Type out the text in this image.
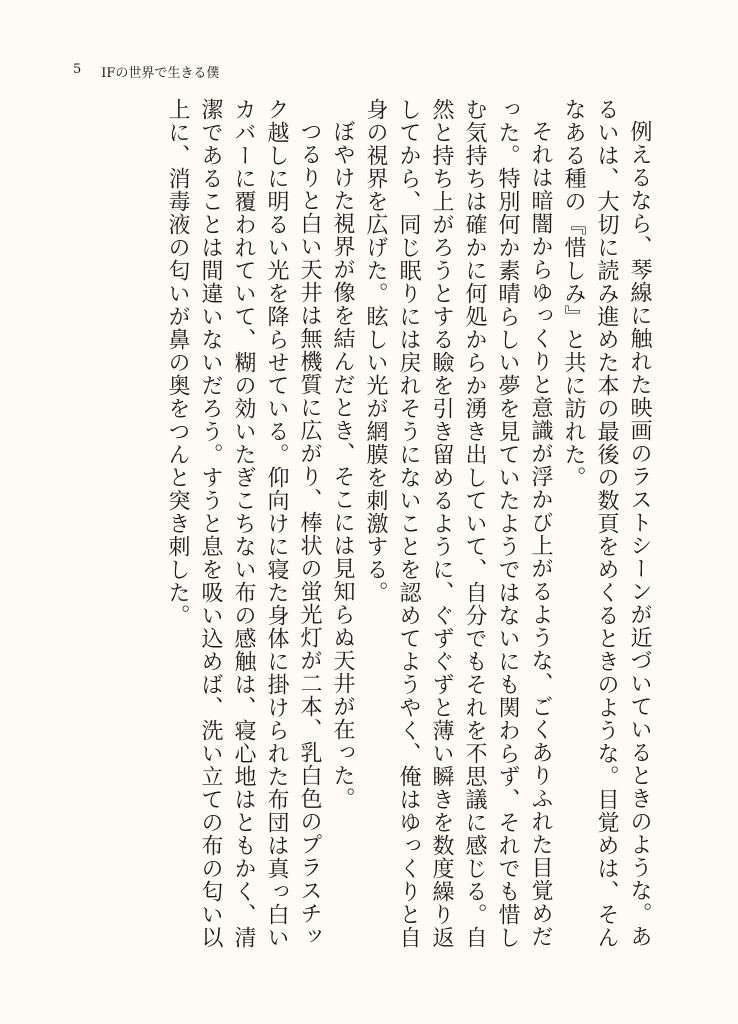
5 IFの世界で生きる僕

例えるなら、琴線に触れた映画のラストシーンが近づいているときのような。あるいは、大切に読み進めた本の最後の数頁をめくるときのような。目覚めは、そんなある種の『惜しみ』と共に訪れた。

それは暗闇からゆっくりと意識が浮かび上がるような、ごくありふれた目覚めだった。特別何か素晴らしい夢を見ていたようではないにも関わらず、それでも惜しむ気持ちは確かに何処からか湧き出していて、自分でもそれを不思議に感じる。自然と持ち上がろうとする瞼を引き留めるように、ぐずぐずと薄い瞬きを数度繰り返してから、同じ眠りには戻れそうにないことを認めてようやく、俺はゆっくりと自身の視界を広げた。眩しい光が網膜を刺激する。

ぼやけた視界が像を結んだとき、そこには見知らぬ天井が在った。

つるりと白い天井は無機質に広がり、棒状の蛍光灯が二本、乳白色のプラスチック越しに明るい光を降らせている。仰向けに寝た身体に掛けられた布団は真っ白いカバーに覆われていて、糊の効いたぎこちない布の感触は、寝心地はともかく、清潔であることは間違いないだろう。すうと息を吸い込めば、洗い立ての布の匂い以上に、消毒液の匂いが鼻の奥をつんと突き刺した。
